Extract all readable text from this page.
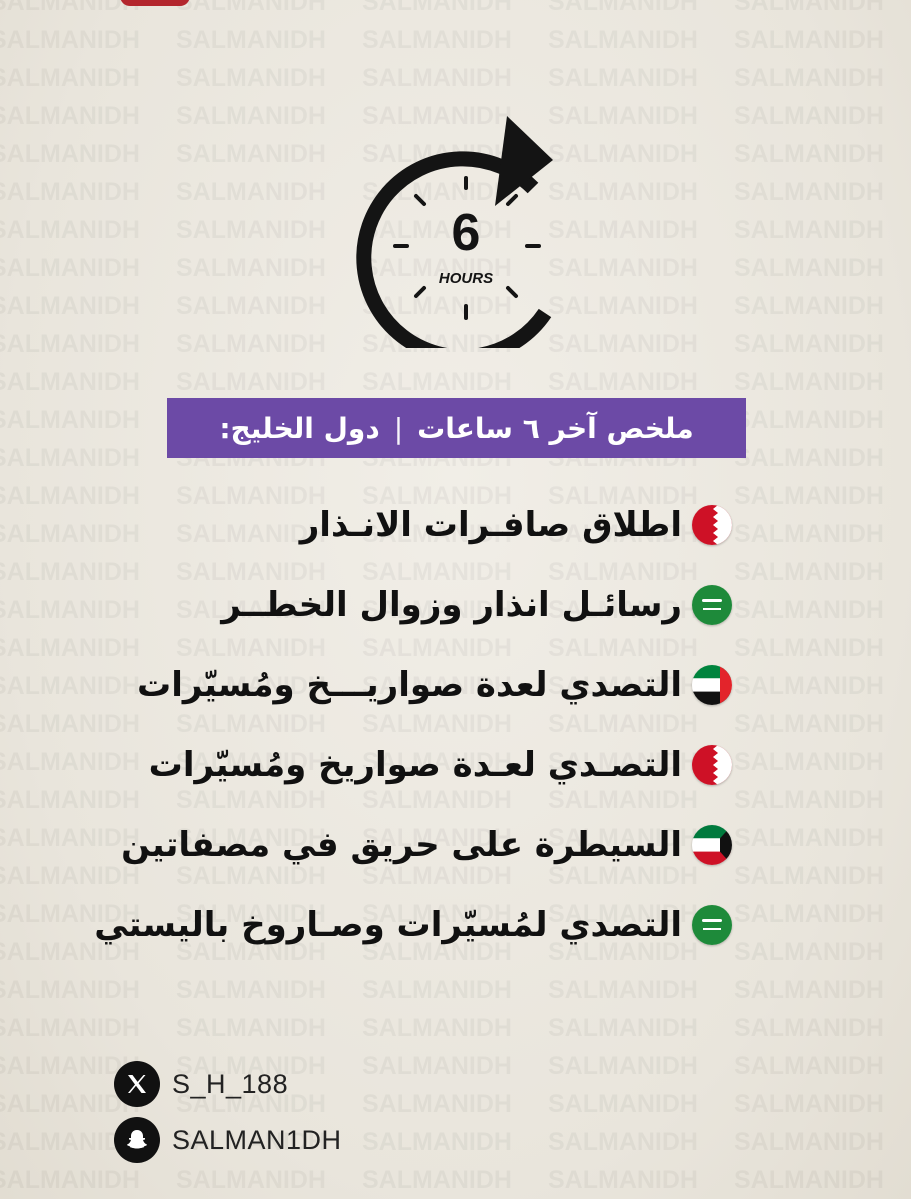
6
HOURS
ملخص آخر ٦ ساعات
|
دول الخليج:
اطلاق صافـرات الانـذار
رسائـل انذار وزوال الخطــر
التصدي لعدة صواريـــخ ومُسيّرات
التصـدي لعـدة صواريخ ومُسيّرات
السيطرة على حريق في مصفاتين
التصدي لمُسيّرات وصـاروخ باليستي
S_H_188
SALMAN1DH
